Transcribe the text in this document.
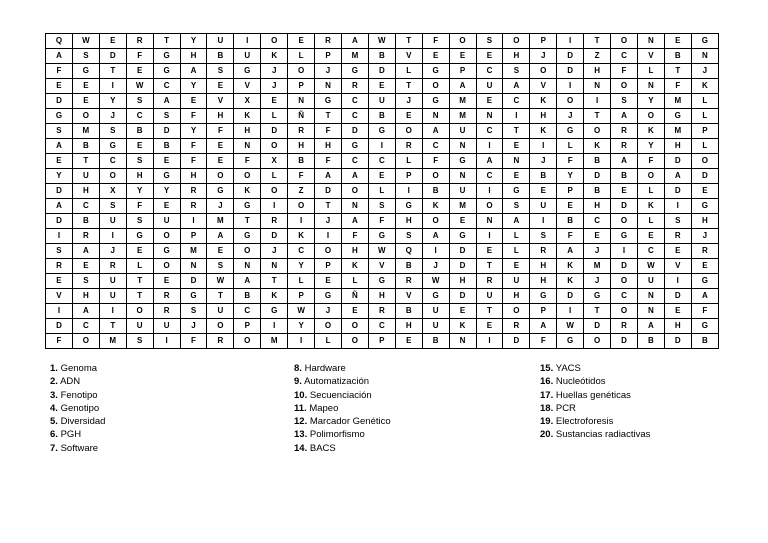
Q	W	E	R	T	Y	U	I	O	E	R	A	W	T	F	O	S	O	P	I	T	O	N	E	G
A	S	D	F	G	H	B	U	K	L	P	M	B	V	E	E	E	H	J	D	Z	C	V	B	N
F	G	T	E	G	A	S	G	J	O	J	G	D	L	G	P	C	S	O	D	H	F	L	T	J
E	E	I	W	C	Y	E	V	J	P	N	R	E	T	O	A	U	A	V	I	N	O	N	F	K
D	E	Y	S	A	E	V	X	E	N	G	C	U	J	G	M	E	C	K	O	I	S	Y	M	L
G	O	J	C	S	F	H	K	L	Ñ	T	C	B	E	N	M	N	I	H	J	T	A	O	G	L
S	M	S	B	D	Y	F	H	D	R	F	D	G	O	A	U	C	T	K	G	O	R	K	M	P
A	B	G	E	B	F	E	N	O	H	H	G	I	R	C	N	I	E	I	L	K	R	Y	H	L
E	T	C	S	E	F	E	F	X	B	F	C	C	L	F	G	A	N	J	F	B	A	F	D	O
Y	U	O	H	G	H	O	O	L	F	A	A	E	P	O	N	C	E	B	Y	D	B	O	A	D
D	H	X	Y	Y	R	G	K	O	Z	D	O	L	I	B	U	I	G	E	P	B	E	L	D	E
A	C	S	F	E	R	J	G	I	O	T	N	S	G	K	M	O	S	U	E	H	D	K	I	G
D	B	U	S	U	I	M	T	R	I	J	A	F	H	O	E	N	A	I	B	C	O	L	S	H
I	R	I	G	O	P	A	G	D	K	I	F	G	S	A	G	I	L	S	F	E	G	E	R	J
S	A	J	E	G	M	E	O	J	C	O	H	W	Q	I	D	E	L	R	A	J	I	C	E	R
R	E	R	L	O	N	S	N	N	Y	P	K	V	B	J	D	T	E	H	K	M	D	W	V	E
E	S	U	T	E	D	W	A	T	L	E	L	G	R	W	H	R	U	H	K	J	O	U	I	G
V	H	U	T	R	G	T	B	K	P	G	Ñ	H	V	G	D	U	H	G	D	G	C	N	D	A
I	A	I	O	R	S	U	C	G	W	J	E	R	B	U	E	T	O	P	I	T	O	N	E	F
D	C	T	U	U	J	O	P	I	Y	O	O	C	H	U	K	E	R	A	W	D	R	A	H	G
F	O	M	S	I	F	R	O	M	I	L	O	P	E	B	N	I	D	F	G	O	D	B	D	B
1. Genoma
2. ADN
3. Fenotipo
4. Genotipo
5. Diversidad
6. PGH
7. Software
8. Hardware
9. Automatización
10. Secuenciación
11. Mapeo
12. Marcador Genético
13. Polimorfismo
14. BACS
15. YACS
16. Nucleótidos
17. Huellas genéticas
18. PCR
19. Electroforesis
20. Sustancias radiactivas
